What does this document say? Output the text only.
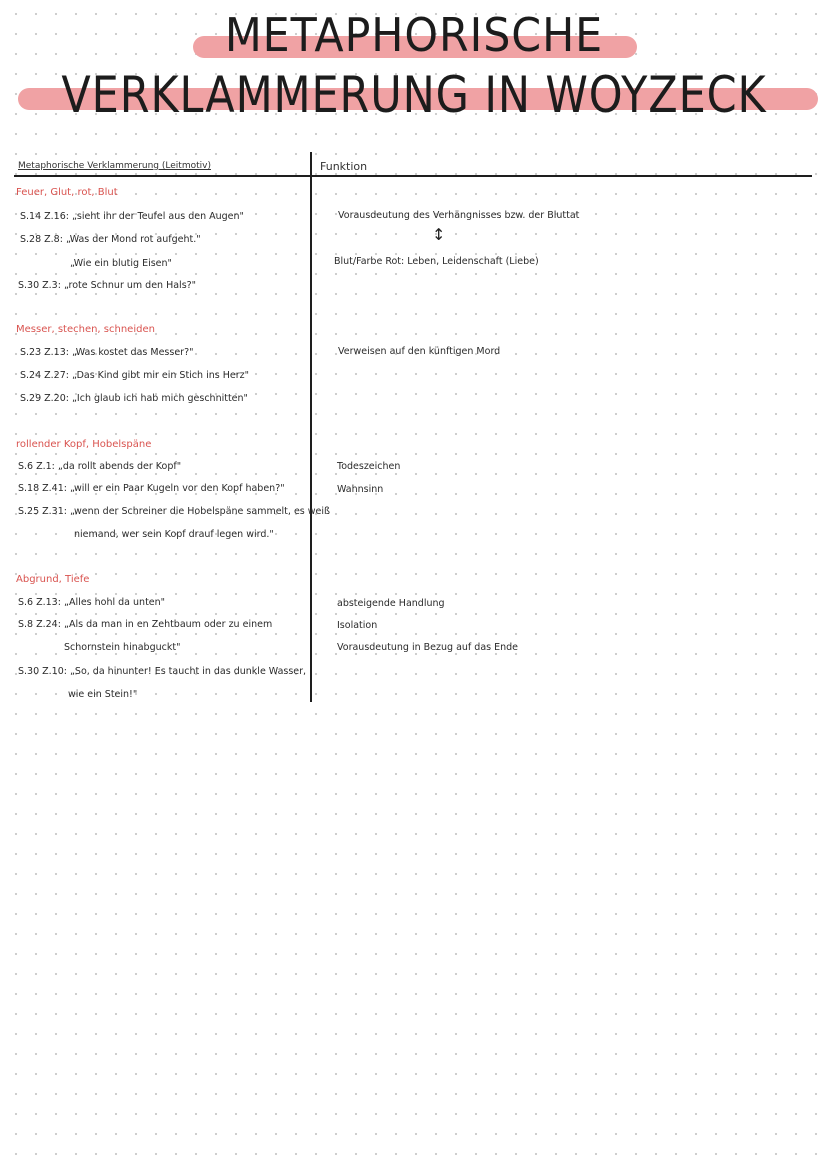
METAPHORISCHE
VERKLAMMERUNG IN WOYZECK
Metaphorische Verklammerung (Leitmotiv)	Funktion
Feuer, Glut, rot, Blut
S.14 Z.16: „sieht ihr der Teufel aus den Augen"
S.28 Z.8: „Was der Mond rot aufgeht."
„Wie ein blutig Eisen"
S.30 Z.3: „rote Schnur um den Hals?"
Vorausdeutung des Verhängnisses bzw. der Bluttat
↕
Blut/Farbe Rot: Leben, Leidenschaft (Liebe)
Messer, stechen, schneiden
S.23 Z.13: „Was kostet das Messer?"
S.24 Z.27: „Das Kind gibt mir ein Stich ins Herz"
S.29 Z.20: „Ich glaub ich hab mich geschnitten"
Verweisen auf den künftigen Mord
rollender Kopf, Hobelspäne
S.6 Z.1: „da rollt abends der Kopf"
S.18 Z.41: „will er ein Paar Kugeln vor den Kopf haben?"
S.25 Z.31: „wenn der Schreiner die Hobelspäne sammelt, es weiß
niemand, wer sein Kopf drauf legen wird."
Todeszeichen
Wahnsinn
Abgrund, Tiefe
S.6 Z.13: „Alles hohl da unten"
S.8 Z.24: „Als da man in en Zehtbaum oder zu einem
Schornstein hinabguckt"
S.30 Z.10: „So, da hinunter! Es taucht in das dunkle Wasser,
wie ein Stein!"
absteigende Handlung
Isolation
Vorausdeutung in Bezug auf das Ende
